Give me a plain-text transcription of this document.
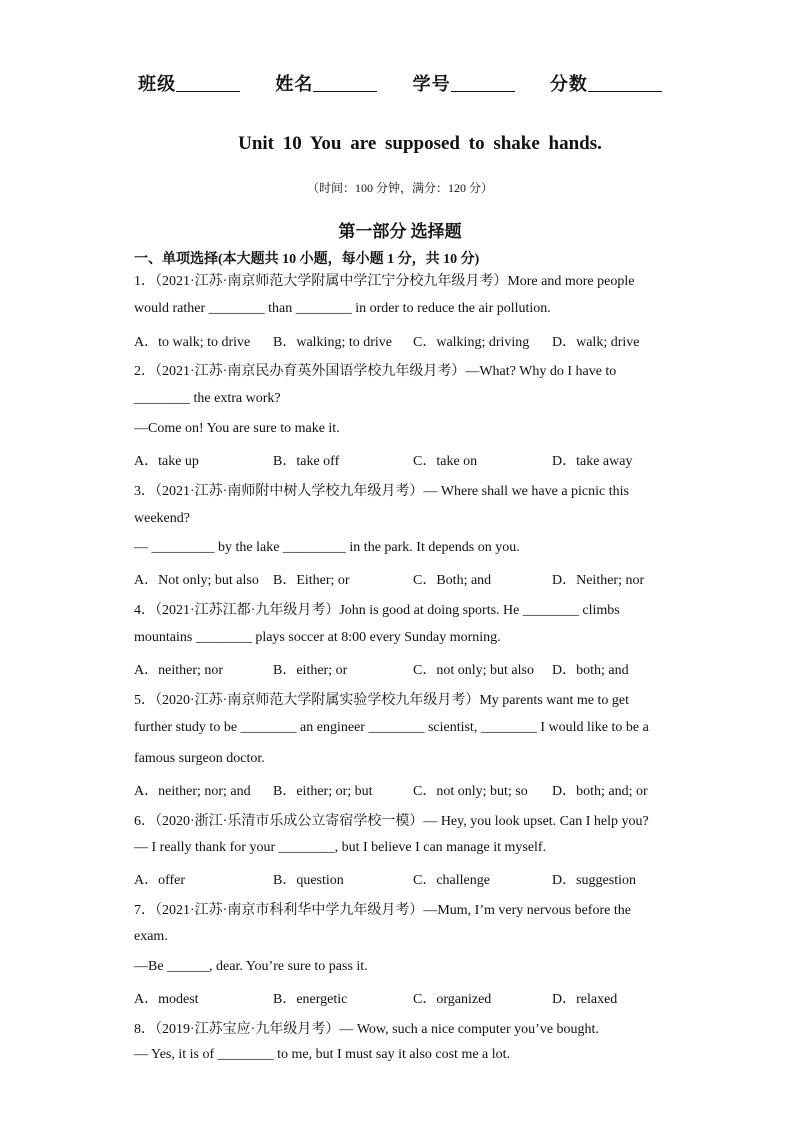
班级	姓名	学号	分数
Unit 10 You are supposed to shake hands.
（时间：100 分钟，满分：120 分）
第一部分 选择题
一、单项选择(本大题共 10 小题，每小题 1 分，共 10 分)
1．（2021·江苏·南京师范大学附属中学江宁分校九年级月考）More and more people
would rather ________ than ________ in order to reduce the air pollution.
A．to walk; to drive B．walking; to drive C．walking; driving D．walk; drive
2．（2021·江苏·南京民办育英外国语学校九年级月考）—What? Why do I have to
________ the extra work?
—Come on! You are sure to make it.
A．take up	B．take off	C．take on	D．take away
3．（2021·江苏·南师附中树人学校九年级月考）— Where shall we have a picnic this
weekend?
— _________ by the lake _________ in the park. It depends on you.
A．Not only; but also B．Either; or	C．Both; and	D．Neither; nor
4．（2021·江苏江都·九年级月考）John is good at doing sports. He ________ climbs
mountains ________ plays soccer at 8:00 every Sunday morning.
A．neither; nor	B．either; or	C．not only; but also D．both; and
5．（2020·江苏·南京师范大学附属实验学校九年级月考）My parents want me to get
further study to be ________ an engineer ________ scientist, ________ I would like to be a
famous surgeon doctor.
A．neither; nor; and B．either; or; but	C．not only; but; so D．both; and; or
6．（2020·浙江·乐清市乐成公立寄宿学校一模）— Hey, you look upset. Can I help you?
— I really thank for your ________, but I believe I can manage it myself.
A．offer	B．question	C．challenge	D．suggestion
7．（2021·江苏·南京市科利华中学九年级月考）—Mum, I’m very nervous before the
exam.
—Be ______, dear. You’re sure to pass it.
A．modest	B．energetic	C．organized	D．relaxed
8．（2019·江苏宝应·九年级月考）— Wow, such a nice computer you’ve bought.
— Yes, it is of ________ to me, but I must say it also cost me a lot.
